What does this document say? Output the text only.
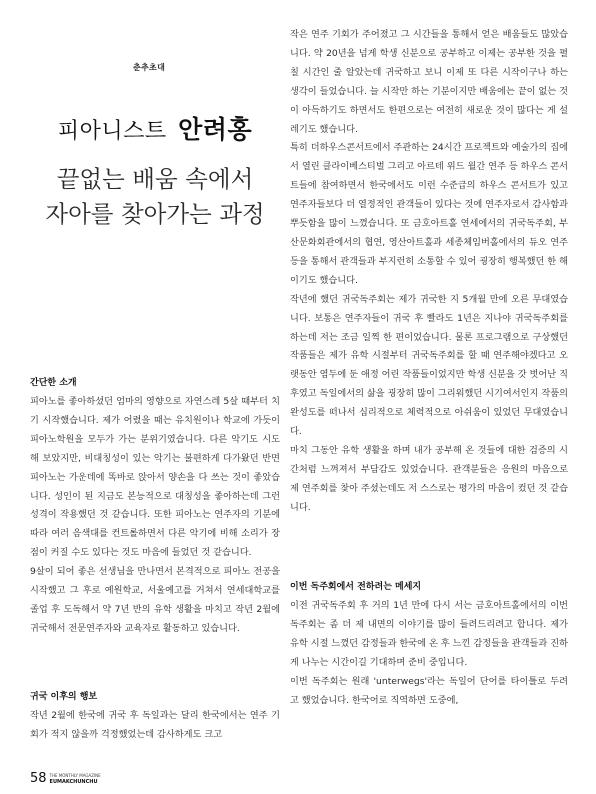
춘추초대
피아니스트 안려홍
끝없는 배움 속에서
자아를 찾아가는 과정

간단한 소개

피아노를 좋아하셨던 엄마의 영향으로 자연스레 5살 때부터 치기 시작했습니다. 제가 어렸을 때는 유치원이나 학교에 가듯이 피아노학원을 모두가 가는 분위기였습니다. 다른 악기도 시도해 보았지만, 비대칭성이 있는 악기는 불편하게 다가왔던 반면 피아노는 가운데에 똑바로 앉아서 양손을 다 쓰는 것이 좋았습니다. 성인이 된 지금도 본능적으로 대칭성을 좋아하는데 그런 성격이 작용했던 것 같습니다. 또한 피아노는 연주자의 기분에 따라 여러 음색대를 컨트롤하면서 다른 악기에 비해 소리가 장점이 커질 수도 있다는 것도 마음에 들었던 것 같습니다.

9살이 되어 좋은 선생님을 만나면서 본격적으로 피아노 전공을 시작했고 그 후로 예원학교, 서울예고를 거쳐서 연세대학교를 졸업 후 도독해서 약 7년 반의 유학 생활을 마치고 작년 2월에 귀국해서 전문연주자와 교육자로 활동하고 있습니다.

귀국 이후의 행보

작년 2월에 한국에 귀국 후 독일과는 달리 한국에서는 연주 기회가 적지 않을까 걱정했었는데 감사하게도 크고

작은 연주 기회가 주어졌고 그 시간들을 통해서 얻은 배움들도 많았습니다. 약 20년을 넘게 학생 신분으로 공부하고 이제는 공부한 것을 펼칠 시간인 줄 알았는데 귀국하고 보니 이제 또 다른 시작이구나 하는 생각이 들었습니다. 늘 시작만 하는 기분이지만 배움에는 끝이 없는 것이 아득하기도 하면서도 한편으로는 여전히 새로운 것이 많다는 게 설레기도 했습니다.

특히 더하우스콘서트에서 주관하는 24시간 프로젝트와 예술가의 집에서 열린 클라이베스티벌 그리고 아르테 위드 월간 연주 등 하우스 콘서트들에 참여하면서 한국에서도 이런 수준급의 하우스 콘서트가 있고 연주자들보다 더 열정적인 관객들이 있다는 것에 연주자로서 감사함과 뿌듯함을 많이 느꼈습니다. 또 금호아트홀 연세에서의 귀국독주회, 부산문화회관에서의 협연, 영산아트홀과 세종체임버홀에서의 듀오 연주 등을 통해서 관객들과 부지런히 소통할 수 있어 굉장히 행복했던 한 해이기도 했습니다.

작년에 했던 귀국독주회는 제가 귀국한 지 5개월 만에 오른 무대였습니다. 보통은 연주자들이 귀국 후 빨라도 1년은 지나야 귀국독주회를 하는데 저는 조금 일찍 한 편이었습니다. 물론 프로그램으로 구상했던 작품들은 제가 유학 시절부터 귀국독주회를 할 때 연주해야겠다고 오랫동안 염두에 둔 애정 어린 작품들이었지만 학생 신분을 갓 벗어난 직후였고 독일에서의 삶을 굉장히 많이 그리워했던 시기여서인지 작품의 완성도를 떠나서 심리적으로 체력적으로 아쉬움이 있었던 무대였습니다.

마치 그동안 유학 생활을 하며 내가 공부해 온 것들에 대한 검증의 시간처럼 느껴져서 부담감도 있었습니다. 관객분들은 응원의 마음으로 제 연주회를 찾아 주셨는데도 저 스스로는 평가의 마음이 컸던 것 같습니다.

이번 독주회에서 전하려는 메세지

이전 귀국독주회 후 거의 1년 만에 다시 서는 금호아트홀에서의 이번 독주회는 좀 더 제 내면의 이야기를 많이 들려드리려고 합니다. 제가 유학 시절 느꼈던 감정들과 한국에 온 후 느낀 감정들을 관객들과 진하게 나누는 시간이길 기대하며 준비 중입니다.

이번 독주회는 원래 'unterwegs'라는 독일어 단어를 타이틀로 두려고 했었습니다. 한국어로 직역하면 도중에,

58 THE MONTHLY MAGAZINE
EUMAKCHUNCHU
